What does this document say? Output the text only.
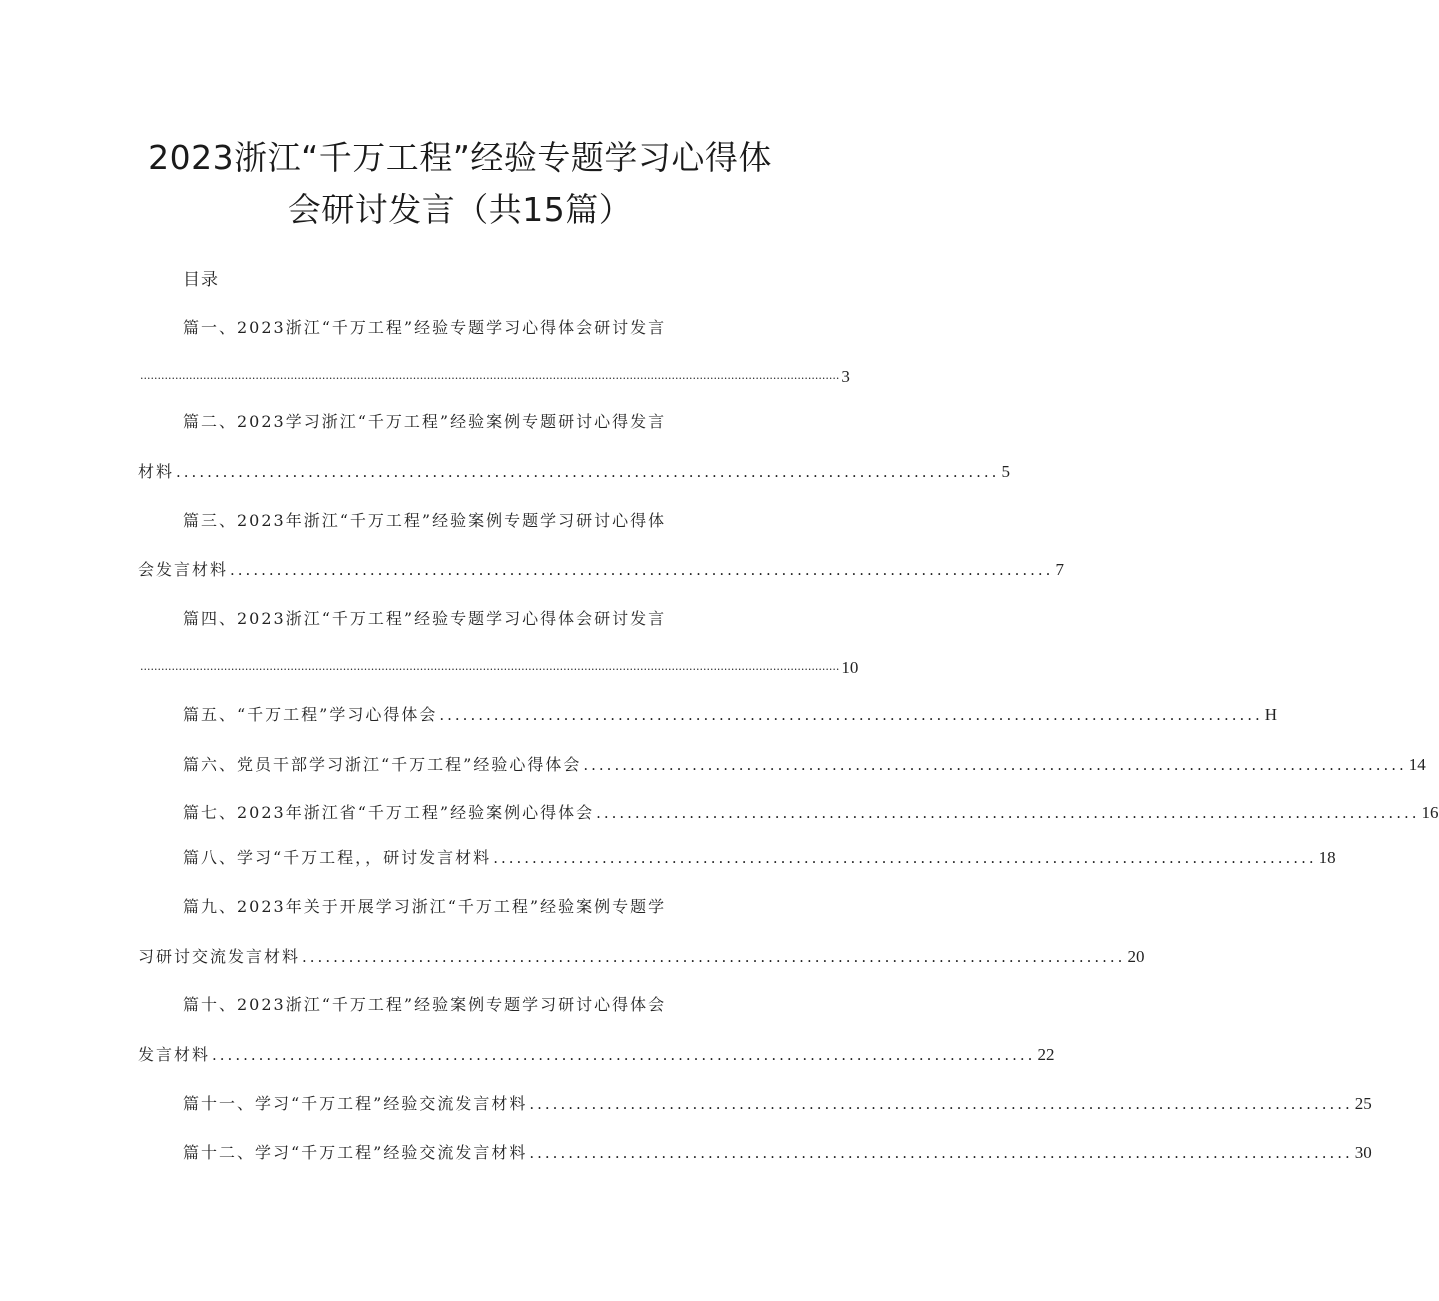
2023浙江“千万工程”经验专题学习心得体
会研讨发言（共15篇）
目录
篇一、2023浙江“千万工程”经验专题学习心得体会研讨发言
........................................................................................................................................................................................................ 3
篇二、2023学习浙江“千万工程”经验案例专题研讨心得发言
材料 .......................................................................................................... 5
篇三、2023年浙江“千万工程”经验案例专题学习研讨心得体
会发言材料 .......................................................................................................... 7
篇四、2023浙江“千万工程”经验专题学习心得体会研讨发言
........................................................................................................................................................................................................ 10
篇五、“千万工程”学习心得体会 .......................................................................................................... H
篇六、党员干部学习浙江“千万工程”经验心得体会 .......................................................................................................... 14
篇七、2023年浙江省“千万工程”经验案例心得体会 .......................................................................................................... 16
篇八、学习“千万工程，，研讨发言材料 .......................................................................................................... 18
篇九、2023年关于开展学习浙江“千万工程”经验案例专题学
习研讨交流发言材料 .......................................................................................................... 20
篇十、2023浙江“千万工程”经验案例专题学习研讨心得体会
发言材料 .......................................................................................................... 22
篇十一、学习“千万工程”经验交流发言材料 .......................................................................................................... 25
篇十二、学习“千万工程”经验交流发言材料 .......................................................................................................... 30
